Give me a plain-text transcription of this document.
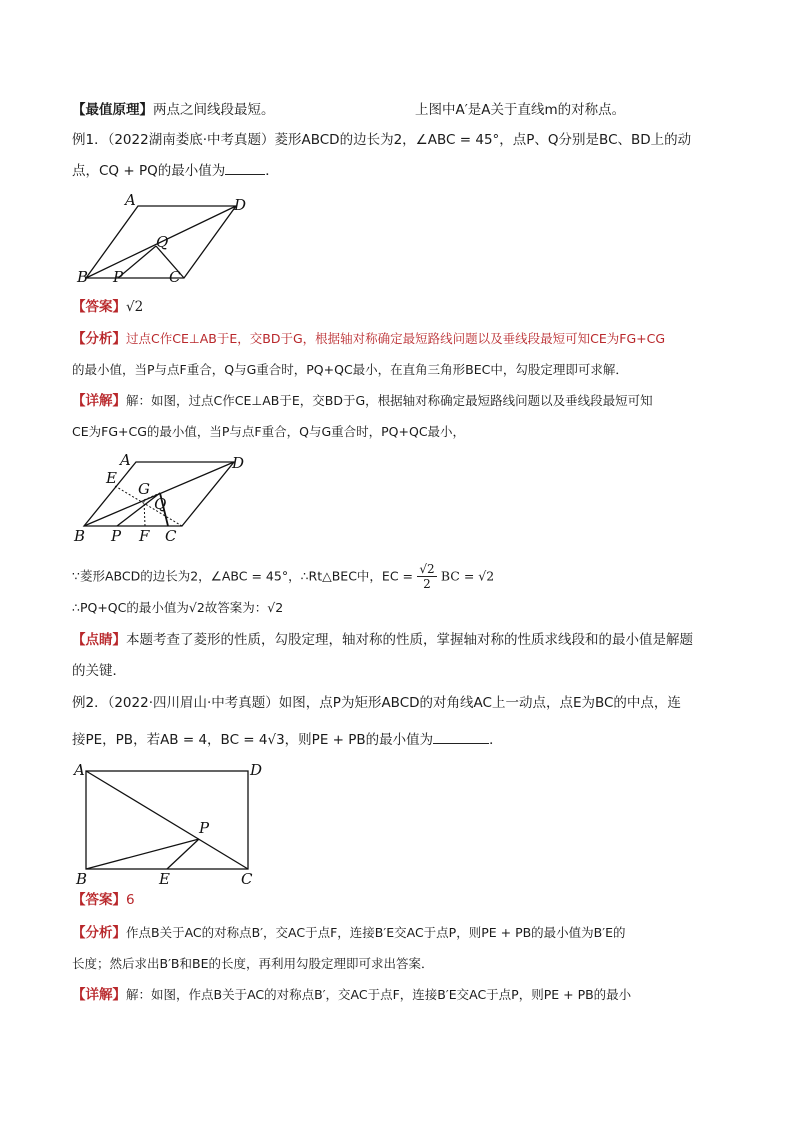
【最值原理】两点之间线段最短。	上图中A′是A关于直线m的对称点。
例1．（2022湖南娄底·中考真题）菱形ABCD的边长为2，∠ABC = 45°，点P、Q分别是BC、BD上的动
点，CQ + PQ的最小值为	．
A	D
Q
B P	C
【答案】√2
【分析】过点C作CE⊥AB于E，交BD于G，根据轴对称确定最短路线问题以及垂线段最短可知CE为FG+CG
的最小值，当P与点F重合，Q与G重合时，PQ+QC最小，在直角三角形BEC中，勾股定理即可求解．
【详解】解：如图，过点C作CE⊥AB于E，交BD于G，根据轴对称确定最短路线问题以及垂线段最短可知
CE为FG+CG的最小值，当P与点F重合，Q与G重合时，PQ+QC最小，
A	D
E
G
Q
B P F C
∵菱形ABCD的边长为2，∠ABC = 45°，∴Rt△BEC中，EC = $\frac{√2}{2}$ BC = √2
∴PQ+QC的最小值为√2故答案为：√2
【点睛】本题考查了菱形的性质，勾股定理，轴对称的性质，掌握轴对称的性质求线段和的最小值是解题
的关键．
例2．（2022·四川眉山·中考真题）如图，点P为矩形ABCD的对角线AC上一动点，点E为BC的中点，连
接PE，PB，若AB = 4，BC = 4√3，则PE + PB的最小值为	．
A	D
P
B	E	C
【答案】6
【分析】作点B关于AC的对称点B′，交AC于点F，连接B′E交AC于点P，则PE + PB的最小值为B′E的
长度；然后求出B′B和BE的长度，再利用勾股定理即可求出答案．
【详解】解：如图，作点B关于AC的对称点B′，交AC于点F，连接B′E交AC于点P，则PE + PB的最小
